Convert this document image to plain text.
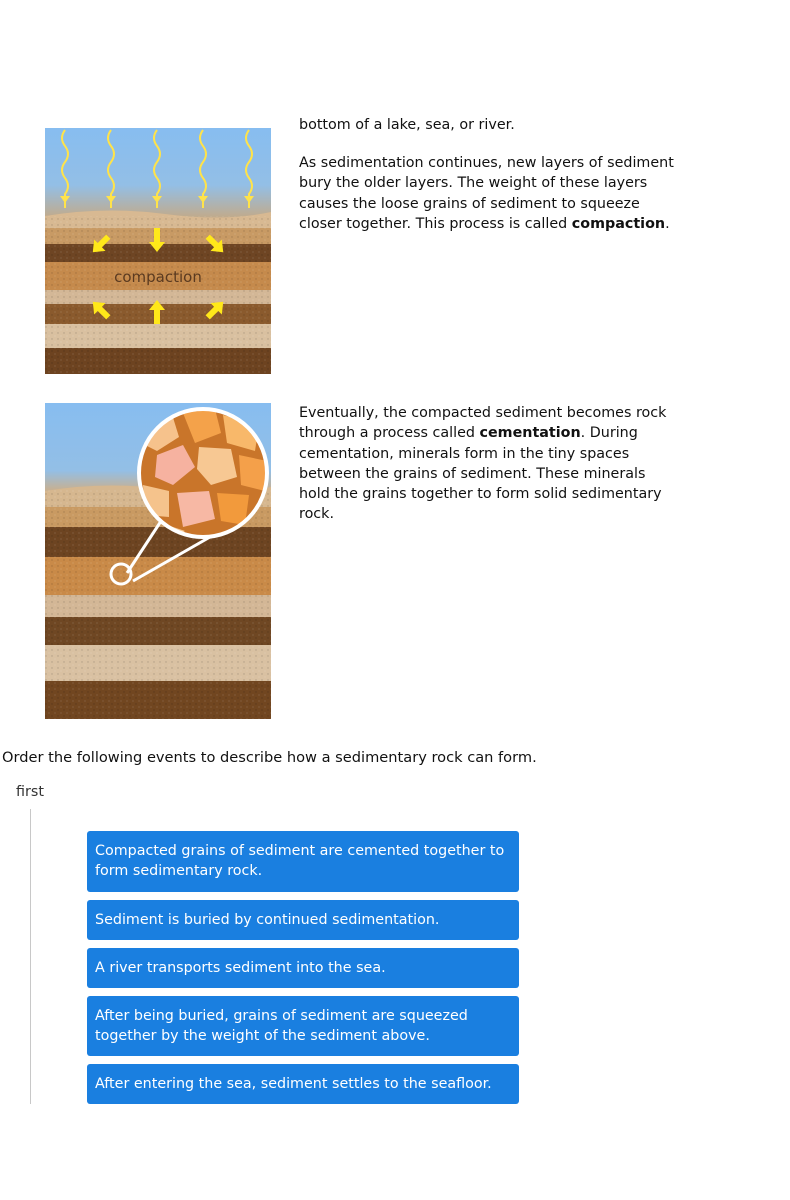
bottom of a lake, sea, or river.
compaction

As sedimentation continues, new layers of sediment bury the older layers. The weight of these layers causes the loose grains of sediment to squeeze closer together. This process is called compaction.

Eventually, the compacted sediment becomes rock through a process called cementation. During cementation, minerals form in the tiny spaces between the grains of sediment. These minerals hold the grains together to form solid sedimentary rock.

Order the following events to describe how a sedimentary rock can form.
first
Compacted grains of sediment are cemented together to form sedimentary rock.
Sediment is buried by continued sedimentation.
A river transports sediment into the sea.
After being buried, grains of sediment are squeezed together by the weight of the sediment above.
After entering the sea, sediment settles to the seafloor.
